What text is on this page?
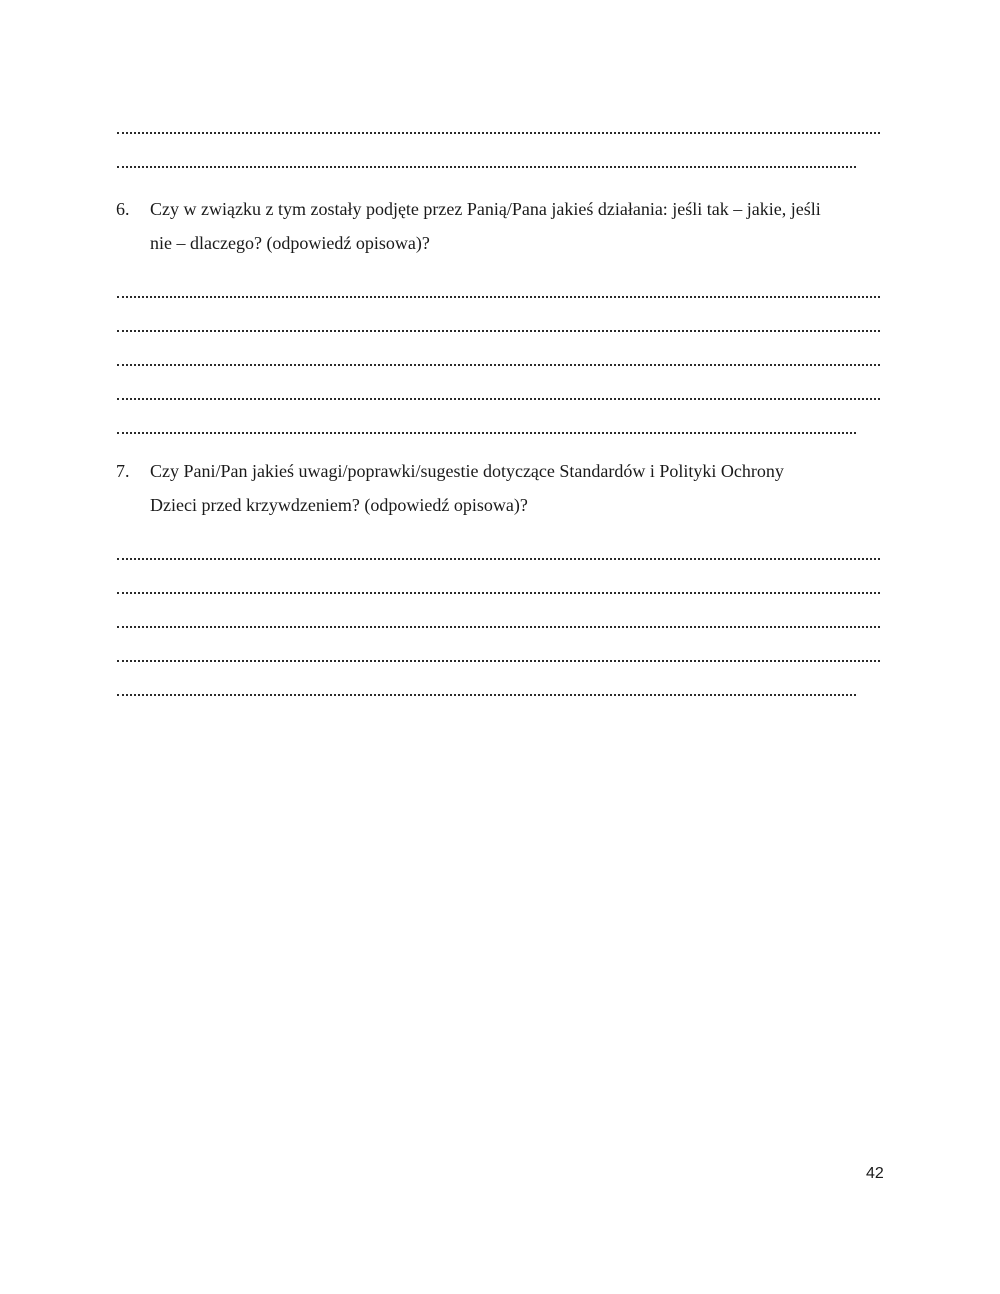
6. Czy w związku z tym zostały podjęte przez Panią/Pana jakieś działania: jeśli tak – jakie, jeśli
nie – dlaczego? (odpowiedź opisowa)?
7. Czy Pani/Pan jakieś uwagi/poprawki/sugestie dotyczące Standardów i Polityki Ochrony
Dzieci przed krzywdzeniem? (odpowiedź opisowa)?
42
